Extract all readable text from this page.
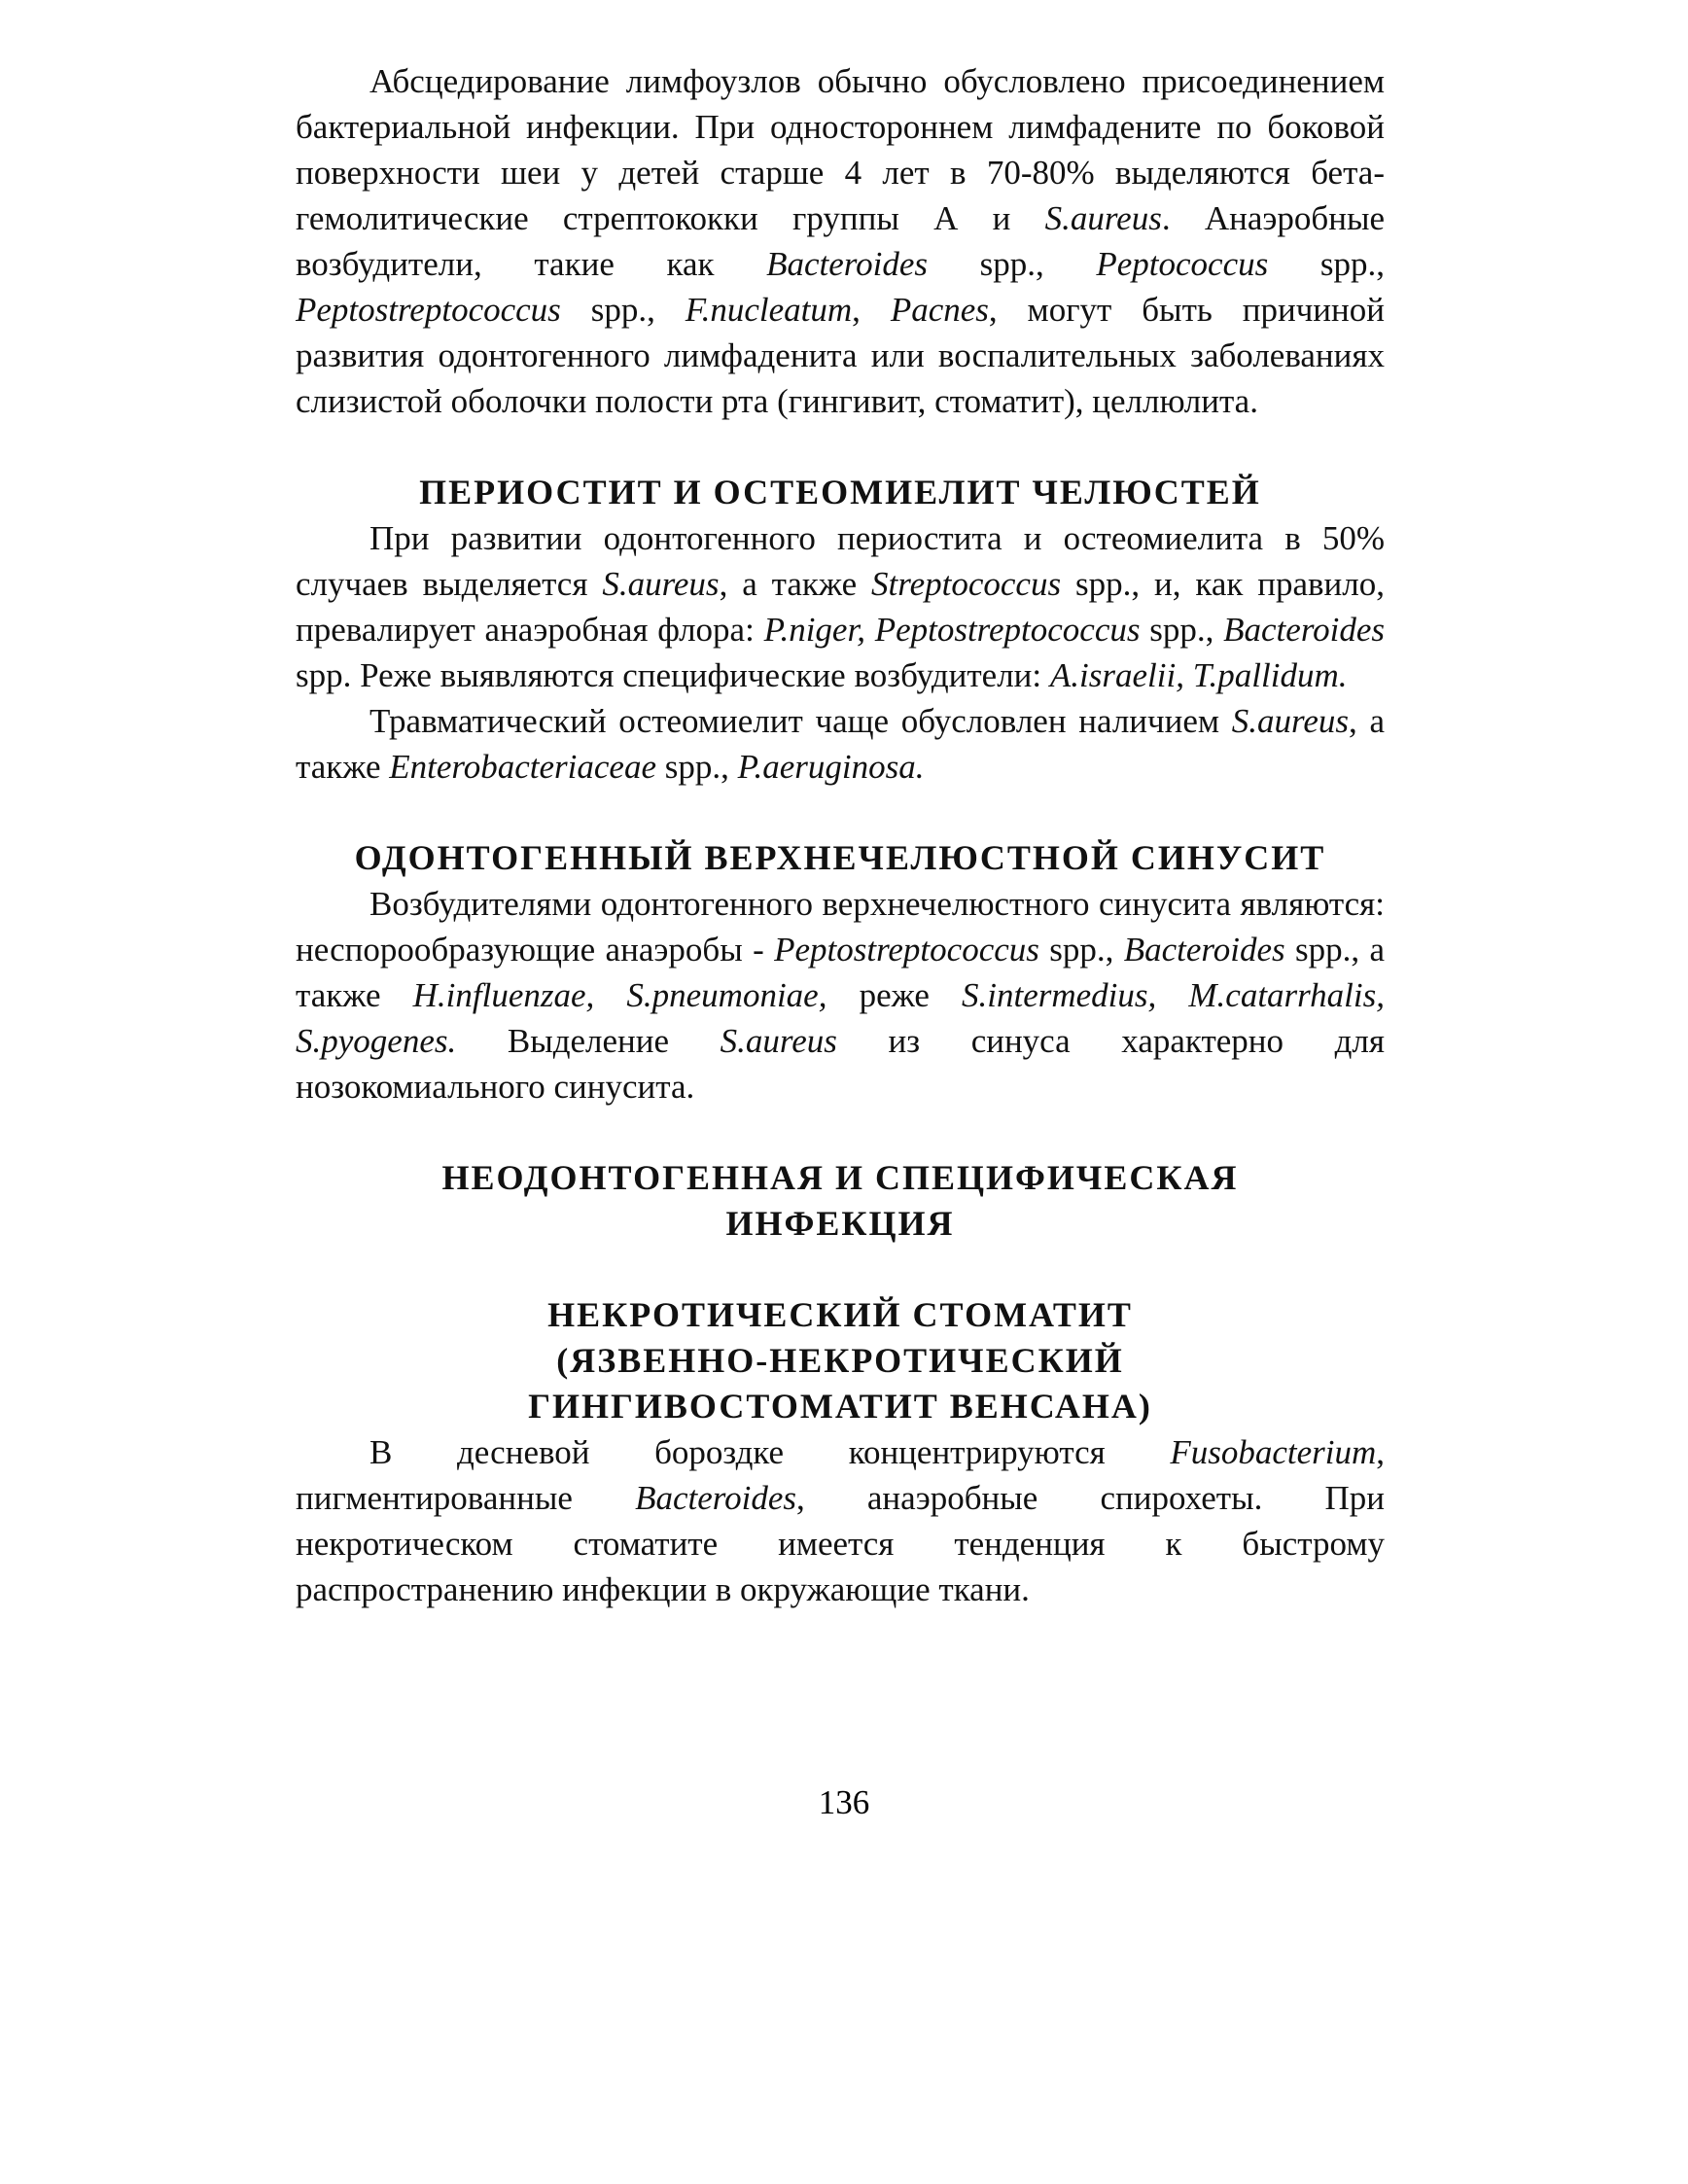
Абсцедирование лимфоузлов обычно обусловлено присоединением бактериальной инфекции. При одностороннем лимфадените по боковой поверхности шеи у детей старше 4 лет в 70-80% выделяются бета-гемолитические стрептококки группы А и S.aureus. Анаэробные возбудители, такие как Bacteroides spp., Peptococcus spp., Peptostreptococcus spp., F.nucleatum, Pacnes, могут быть причиной развития одонтогенного лимфаденита или воспалительных заболеваниях слизистой оболочки полости рта (гингивит, стоматит), целлюлита.

ПЕРИОСТИТ И ОСТЕОМИЕЛИТ ЧЕЛЮСТЕЙ

При развитии одонтогенного периостита и остеомиелита в 50% случаев выделяется S.aureus, а также Streptococcus spp., и, как правило, превалирует анаэробная флора: P.niger, Peptostreptococcus spp., Bacteroides spp. Реже выявляются специфические возбудители: A.israelii, T.pallidum.

Травматический остеомиелит чаще обусловлен наличием S.aureus, а также Enterobacteriaceae spp., P.aeruginosa.

ОДОНТОГЕННЫЙ ВЕРХНЕЧЕЛЮСТНОЙ СИНУСИТ

Возбудителями одонтогенного верхнечелюстного синусита являются: неспорообразующие анаэробы - Peptostreptococcus spp., Bacteroides spp., а также H.influenzae, S.pneumoniae, реже S.intermedius, M.catarrhalis, S.pyogenes. Выделение S.aureus из синуса характерно для нозокомиального синусита.

НЕОДОНТОГЕННАЯ И СПЕЦИФИЧЕСКАЯ
ИНФЕКЦИЯ
НЕКРОТИЧЕСКИЙ СТОМАТИТ
(ЯЗВЕННО-НЕКРОТИЧЕСКИЙ
ГИНГИВОСТОМАТИТ ВЕНСАНА)

В десневой бороздке концентрируются Fusobacterium, пигментированные Bacteroides, анаэробные спирохеты. При некротическом стоматите имеется тенденция к быстрому распространению инфекции в окружающие ткани.

136
